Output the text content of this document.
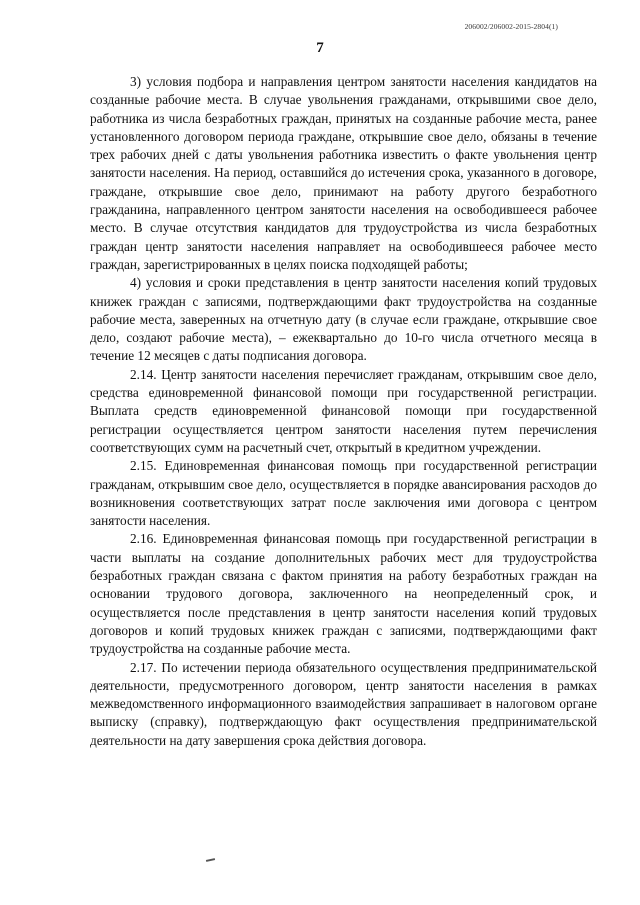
206002/206002-2015-2804(1)
7

3) условия подбора и направления центром занятости населения кандидатов на созданные рабочие места. В случае увольнения гражданами, открывшими свое дело, работника из числа безработных граждан, принятых на созданные рабочие места, ранее установленного договором периода граждане, открывшие свое дело, обязаны в течение трех рабочих дней с даты увольнения работника известить о факте увольнения центр занятости населения. На период, оставшийся до истечения срока, указанного в договоре, граждане, открывшие свое дело, принимают на работу другого безработного гражданина, направленного центром занятости населения на освободившееся рабочее место. В случае отсутствия кандидатов для трудоустройства из числа безработных граждан центр занятости населения направляет на освободившееся рабочее место граждан, зарегистрированных в целях поиска подходящей работы;

4) условия и сроки представления в центр занятости населения копий трудовых книжек граждан с записями, подтверждающими факт трудоустройства на созданные рабочие места, заверенных на отчетную дату (в случае если граждане, открывшие свое дело, создают рабочие места), – ежеквартально до 10-го числа отчетного месяца в течение 12 месяцев с даты подписания договора.

2.14. Центр занятости населения перечисляет гражданам, открывшим свое дело, средства единовременной финансовой помощи при государственной регистрации. Выплата средств единовременной финансовой помощи при государственной регистрации осуществляется центром занятости населения путем перечисления соответствующих сумм на расчетный счет, открытый в кредитном учреждении.

2.15. Единовременная финансовая помощь при государственной регистрации гражданам, открывшим свое дело, осуществляется в порядке авансирования расходов до возникновения соответствующих затрат после заключения ими договора с центром занятости населения.

2.16. Единовременная финансовая помощь при государственной регистрации в части выплаты на создание дополнительных рабочих мест для трудоустройства безработных граждан связана с фактом принятия на работу безработных граждан на основании трудового договора, заключенного на неопределенный срок, и осуществляется после представления в центр занятости населения копий трудовых договоров и копий трудовых книжек граждан с записями, подтверждающими факт трудоустройства на созданные рабочие места.

2.17. По истечении периода обязательного осуществления предпринимательской деятельности, предусмотренного договором, центр занятости населения в рамках межведомственного информационного взаимодействия запрашивает в налоговом органе выписку (справку), подтверждающую факт осуществления предпринимательской деятельности на дату завершения срока действия договора.
